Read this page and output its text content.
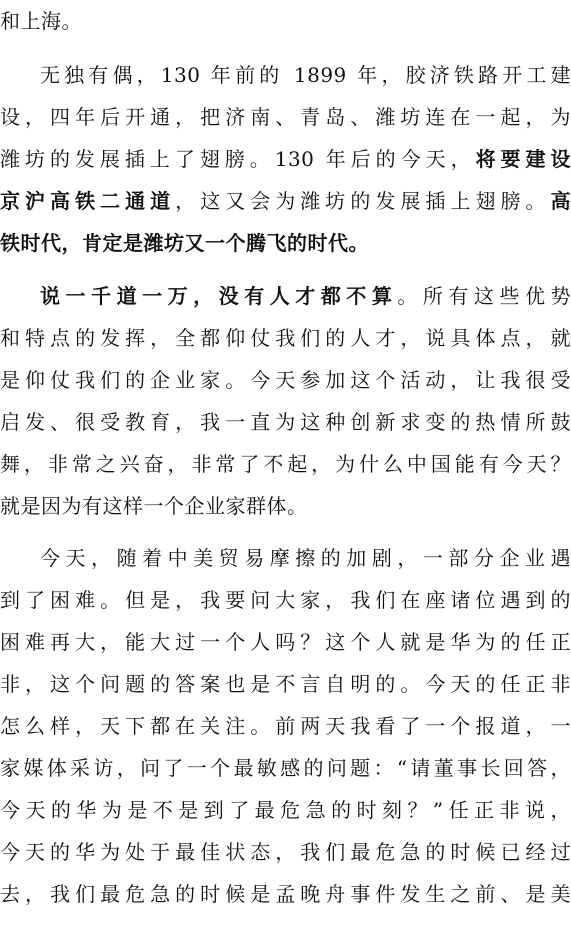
和上海。
无独有偶，130 年前的 1899 年，胶济铁路开工建
设，四年后开通，把济南、青岛、潍坊连在一起，为
潍坊的发展插上了翅膀。130 年后的今天，将要建设
京沪高铁二通道，这又会为潍坊的发展插上翅膀。高
铁时代，肯定是潍坊又一个腾飞的时代。
说一千道一万，没有人才都不算。所有这些优势
和特点的发挥，全都仰仗我们的人才，说具体点，就
是仰仗我们的企业家。今天参加这个活动，让我很受
启发、很受教育，我一直为这种创新求变的热情所鼓
舞，非常之兴奋，非常了不起，为什么中国能有今天？
就是因为有这样一个企业家群体。
今天，随着中美贸易摩擦的加剧，一部分企业遇
到了困难。但是，我要问大家，我们在座诸位遇到的
困难再大，能大过一个人吗？这个人就是华为的任正
非，这个问题的答案也是不言自明的。今天的任正非
怎么样，天下都在关注。前两天我看了一个报道，一
家媒体采访，问了一个最敏感的问题：“请董事长回答，
今天的华为是不是到了最危急的时刻？”任正非说，
今天的华为处于最佳状态，我们最危急的时候已经过
去，我们最危急的时候是孟晚舟事件发生之前、是美
